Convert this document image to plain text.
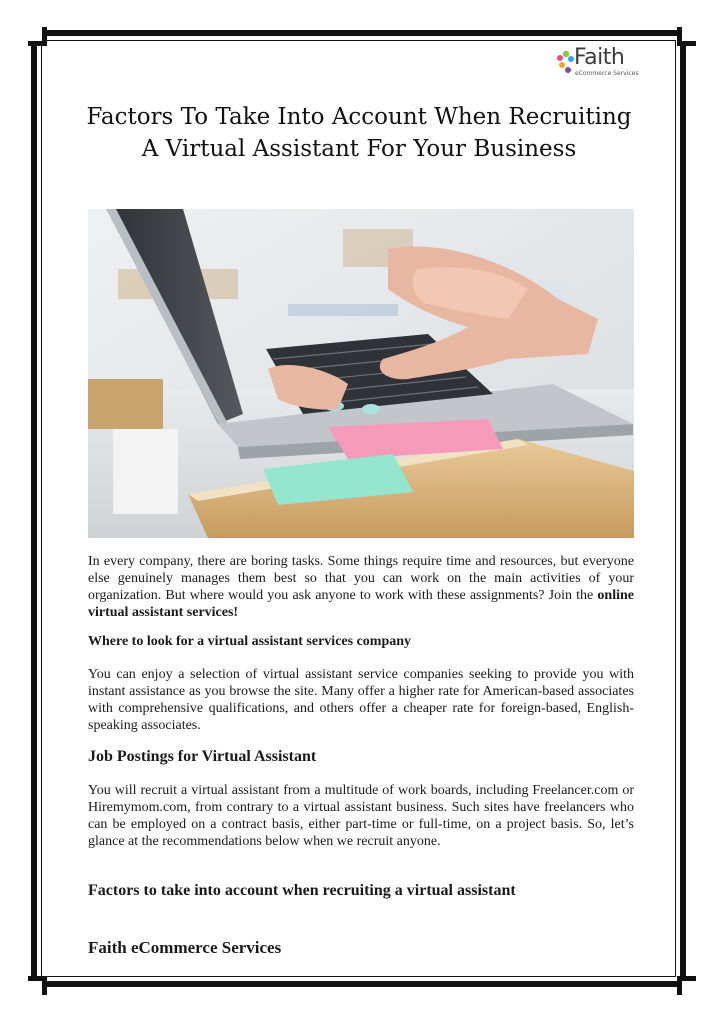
Faith
eCommerce Services
Factors To Take Into Account When Recruiting A Virtual Assistant For Your Business
In every company, there are boring tasks. Some things require time and resources, but everyone else genuinely manages them best so that you can work on the main activities of your organization. But where would you ask anyone to work with these assignments? Join the online virtual assistant services!
Where to look for a virtual assistant services company
You can enjoy a selection of virtual assistant service companies seeking to provide you with instant assistance as you browse the site. Many offer a higher rate for American-based associates with comprehensive qualifications, and others offer a cheaper rate for foreign-based, English-speaking associates.
Job Postings for Virtual Assistant
You will recruit a virtual assistant from a multitude of work boards, including Freelancer.com or Hiremymom.com, from contrary to a virtual assistant business. Such sites have freelancers who can be employed on a contract basis, either part-time or full-time, on a project basis. So, let’s glance at the recommendations below when we recruit anyone.
Factors to take into account when recruiting a virtual assistant
Faith eCommerce Services
